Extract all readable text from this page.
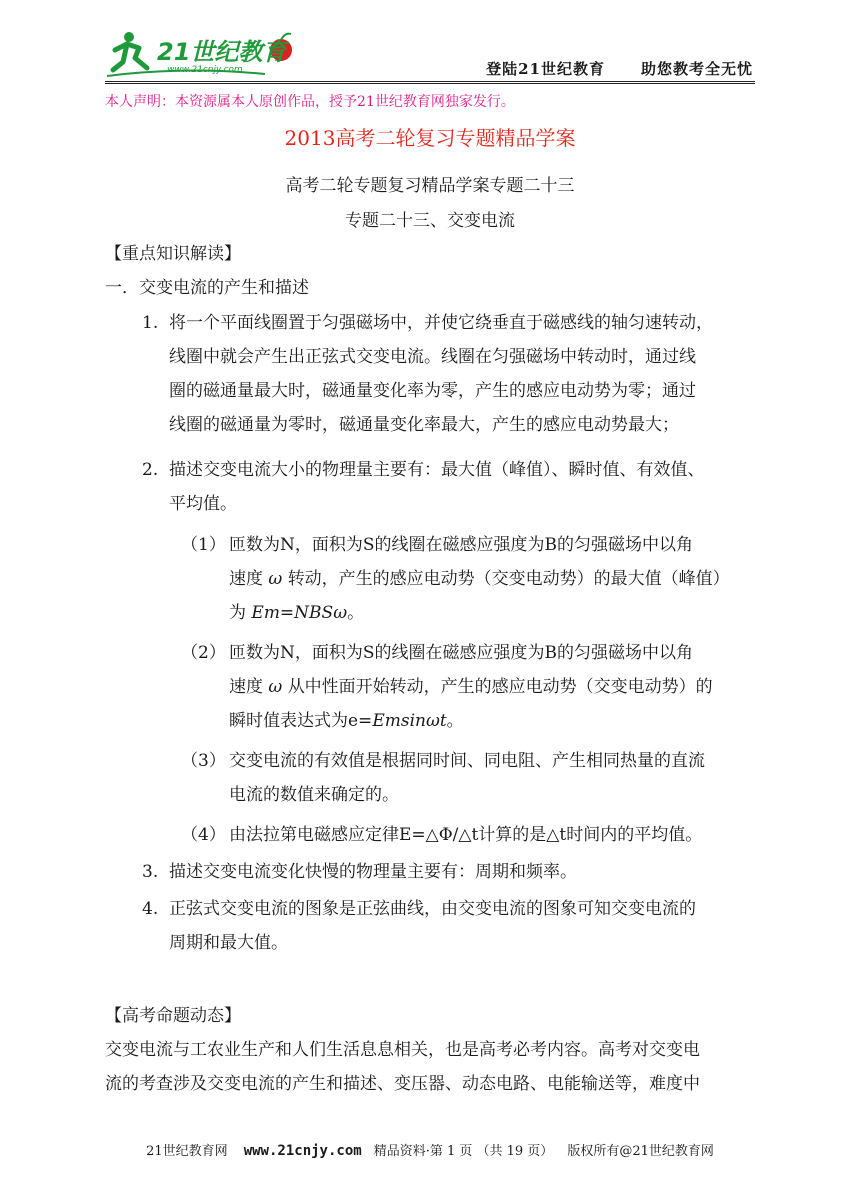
21世纪教育
www.21cnjy.com	登陆21世纪教育 助您教考全无忧
本人声明：本资源属本人原创作品，授予21世纪教育网独家发行。
2013高考二轮复习专题精品学案
高考二轮专题复习精品学案专题二十三
专题二十三、交变电流
【重点知识解读】
一．交变电流的产生和描述
1. 将一个平面线圈置于匀强磁场中，并使它绕垂直于磁感线的轴匀速转动，
线圈中就会产生出正弦式交变电流。线圈在匀强磁场中转动时，通过线
圈的磁通量最大时，磁通量变化率为零，产生的感应电动势为零；通过
线圈的磁通量为零时，磁通量变化率最大，产生的感应电动势最大；
2. 描述交变电流大小的物理量主要有：最大值（峰值）、瞬时值、有效值、
平均值。
（1） 匝数为N，面积为S的线圈在磁感应强度为B的匀强磁场中以角
速度 ω 转动，产生的感应电动势（交变电动势）的最大值（峰值）
为 Em=NBSω。
（2） 匝数为N，面积为S的线圈在磁感应强度为B的匀强磁场中以角
速度 ω 从中性面开始转动，产生的感应电动势（交变电动势）的
瞬时值表达式为e=Emsinωt。
（3） 交变电流的有效值是根据同时间、同电阻、产生相同热量的直流
电流的数值来确定的。
（4） 由法拉第电磁感应定律E=△Φ/△t计算的是△t时间内的平均值。
3. 描述交变电流变化快慢的物理量主要有：周期和频率。
4. 正弦式交变电流的图象是正弦曲线，由交变电流的图象可知交变电流的
周期和最大值。
【高考命题动态】
交变电流与工农业生产和人们生活息息相关，也是高考必考内容。高考对交变电
流的考查涉及交变电流的产生和描述、变压器、动态电路、电能输送等，难度中
21世纪教育网 www.21cnjy.com 精品资料·第 1 页 （共 19 页） 版权所有@21世纪教育网
